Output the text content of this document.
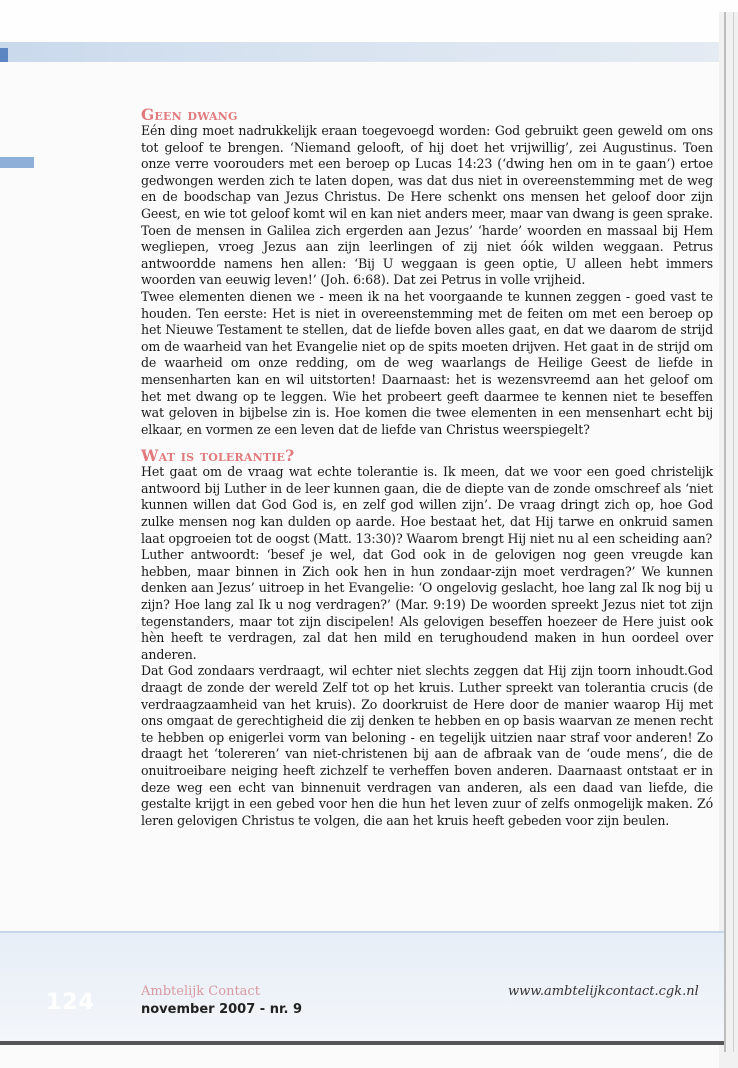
Geen dwang

Eén ding moet nadrukkelijk eraan toegevoegd worden: God gebruikt geen geweld om ons tot geloof te brengen. ‘Niemand gelooft, of hij doet het vrijwillig’, zei Augustinus. Toen onze verre voorouders met een beroep op Lucas 14:23 (‘dwing hen om in te gaan’) ertoe gedwongen werden zich te laten dopen, was dat dus niet in overeenstemming met de weg en de boodschap van Jezus Christus. De Here schenkt ons mensen het geloof door zijn Geest, en wie tot geloof komt wil en kan niet anders meer, maar van dwang is geen sprake. Toen de mensen in Galilea zich ergerden aan Jezus’ ‘harde’ woorden en massaal bij Hem wegliepen, vroeg Jezus aan zijn leerlingen of zij niet óók wilden weggaan. Petrus antwoordde namens hen allen: ‘Bij U weggaan is geen optie, U alleen hebt immers woorden van eeuwig leven!’ (Joh. 6:68). Dat zei Petrus in volle vrijheid.

Twee elementen dienen we - meen ik na het voorgaande te kunnen zeggen - goed vast te houden. Ten eerste: Het is niet in overeenstemming met de feiten om met een beroep op het Nieuwe Testament te stellen, dat de liefde boven alles gaat, en dat we daarom de strijd om de waarheid van het Evangelie niet op de spits moeten drijven. Het gaat in de strijd om de waarheid om onze redding, om de weg waarlangs de Heilige Geest de liefde in mensenharten kan en wil uitstorten! Daarnaast: het is wezensvreemd aan het geloof om het met dwang op te leggen. Wie het probeert geeft daarmee te kennen niet te beseffen wat geloven in bijbelse zin is. Hoe komen die twee elementen in een mensenhart echt bij elkaar, en vormen ze een leven dat de liefde van Christus weerspiegelt?

Wat is tolerantie?

Het gaat om de vraag wat echte tolerantie is. Ik meen, dat we voor een goed christelijk antwoord bij Luther in de leer kunnen gaan, die de diepte van de zonde omschreef als ‘niet kunnen willen dat God God is, en zelf god willen zijn’. De vraag dringt zich op, hoe God zulke mensen nog kan dulden op aarde. Hoe bestaat het, dat Hij tarwe en onkruid samen laat opgroeien tot de oogst (Matt. 13:30)? Waarom brengt Hij niet nu al een scheiding aan?

Luther antwoordt: ‘besef je wel, dat God ook in de gelovigen nog geen vreugde kan hebben, maar binnen in Zich ook hen in hun zondaar-zijn moet verdragen?’ We kunnen denken aan Jezus’ uitroep in het Evangelie: ‘O ongelovig geslacht, hoe lang zal Ik nog bij u zijn? Hoe lang zal Ik u nog verdragen?’ (Mar. 9:19) De woorden spreekt Jezus niet tot zijn tegenstanders, maar tot zijn discipelen! Als gelovigen beseffen hoezeer de Here juist ook hèn heeft te verdragen, zal dat hen mild en terughoudend maken in hun oordeel over anderen.

Dat God zondaars verdraagt, wil echter niet slechts zeggen dat Hij zijn toorn inhoudt.God draagt de zonde der wereld Zelf tot op het kruis. Luther spreekt van tolerantia crucis (de verdraagzaamheid van het kruis). Zo doorkruist de Here door de manier waarop Hij met ons omgaat de gerechtigheid die zij denken te hebben en op basis waarvan ze menen recht te hebben op enigerlei vorm van beloning - en tegelijk uitzien naar straf voor anderen! Zo draagt het ‘tolereren’ van niet-christenen bij aan de afbraak van de ‘oude mens’, die de onuitroeibare neiging heeft zichzelf te verheffen boven anderen. Daarnaast ontstaat er in deze weg een echt van binnenuit verdragen van anderen, als een daad van liefde, die gestalte krijgt in een gebed voor hen die hun het leven zuur of zelfs onmogelijk maken. Zó leren gelovigen Christus te volgen, die aan het kruis heeft gebeden voor zijn beulen.

124	Ambtelijk Contact

november 2007 - nr. 9

www.ambtelijkcontact.cgk.nl
